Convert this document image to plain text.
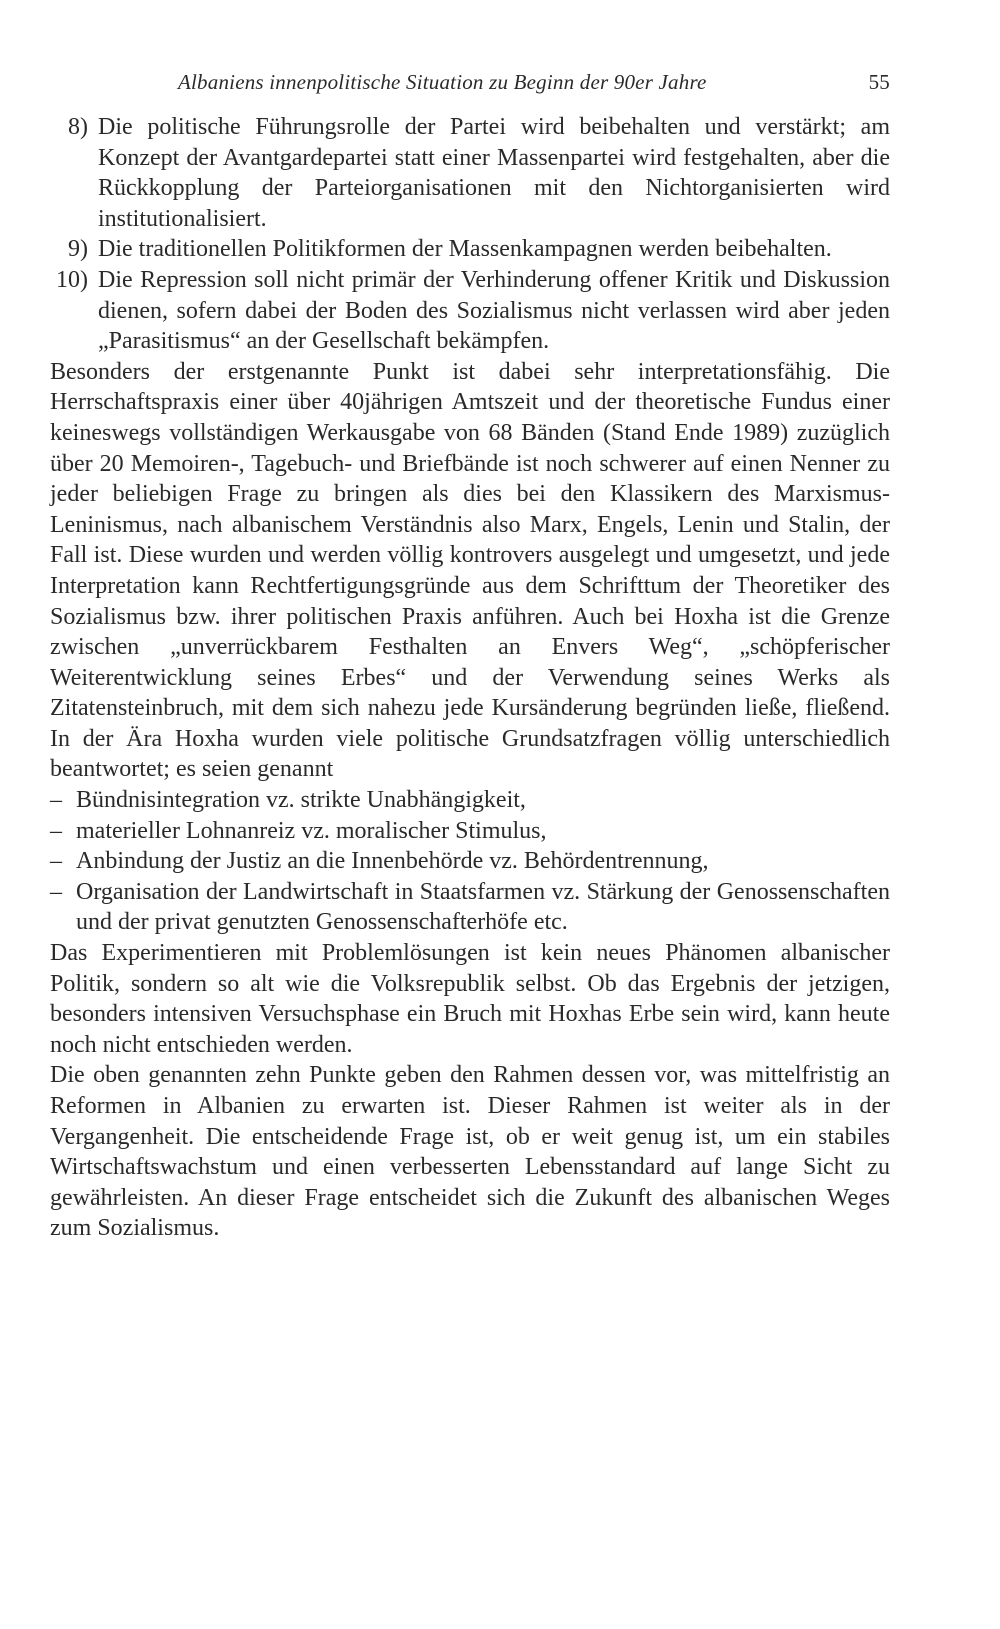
Albaniens innenpolitische Situation zu Beginn der 90er Jahre	55
8) Die politische Führungsrolle der Partei wird beibehalten und verstärkt; am Konzept der Avantgardepartei statt einer Massenpartei wird festgehalten, aber die Rückkopplung der Parteiorganisationen mit den Nichtorganisierten wird institutionalisiert.
9) Die traditionellen Politikformen der Massenkampagnen werden beibehalten.
10) Die Repression soll nicht primär der Verhinderung offener Kritik und Diskussion dienen, sofern dabei der Boden des Sozialismus nicht verlassen wird aber jeden „Parasitismus“ an der Gesellschaft bekämpfen.

Besonders der erstgenannte Punkt ist dabei sehr interpretationsfähig. Die Herrschaftspraxis einer über 40jährigen Amtszeit und der theoretische Fundus einer keineswegs vollständigen Werkausgabe von 68 Bänden (Stand Ende 1989) zuzüglich über 20 Memoiren-, Tagebuch- und Briefbände ist noch schwerer auf einen Nenner zu jeder beliebigen Frage zu bringen als dies bei den Klassikern des Marxismus-Leninismus, nach albanischem Verständnis also Marx, Engels, Lenin und Stalin, der Fall ist. Diese wurden und werden völlig kontrovers ausgelegt und umgesetzt, und jede Interpretation kann Rechtfertigungsgründe aus dem Schrifttum der Theoretiker des Sozialismus bzw. ihrer politischen Praxis anführen. Auch bei Hoxha ist die Grenze zwischen „unverrückbarem Festhalten an Envers Weg“, „schöpferischer Weiterentwicklung seines Erbes“ und der Verwendung seines Werks als Zitatensteinbruch, mit dem sich nahezu jede Kursänderung begründen ließe, fließend. In der Ära Hoxha wurden viele politische Grundsatzfragen völlig unterschiedlich beantwortet; es seien genannt

– Bündnisintegration vz. strikte Unabhängigkeit,
– materieller Lohnanreiz vz. moralischer Stimulus,
– Anbindung der Justiz an die Innenbehörde vz. Behördentrennung,
– Organisation der Landwirtschaft in Staatsfarmen vz. Stärkung der Genossenschaften und der privat genutzten Genossenschafterhöfe etc.

Das Experimentieren mit Problemlösungen ist kein neues Phänomen albanischer Politik, sondern so alt wie die Volksrepublik selbst. Ob das Ergebnis der jetzigen, besonders intensiven Versuchsphase ein Bruch mit Hoxhas Erbe sein wird, kann heute noch nicht entschieden werden.

Die oben genannten zehn Punkte geben den Rahmen dessen vor, was mittelfristig an Reformen in Albanien zu erwarten ist. Dieser Rahmen ist weiter als in der Vergangenheit. Die entscheidende Frage ist, ob er weit genug ist, um ein stabiles Wirtschaftswachstum und einen verbesserten Lebensstandard auf lange Sicht zu gewährleisten. An dieser Frage entscheidet sich die Zukunft des albanischen Weges zum Sozialismus.
